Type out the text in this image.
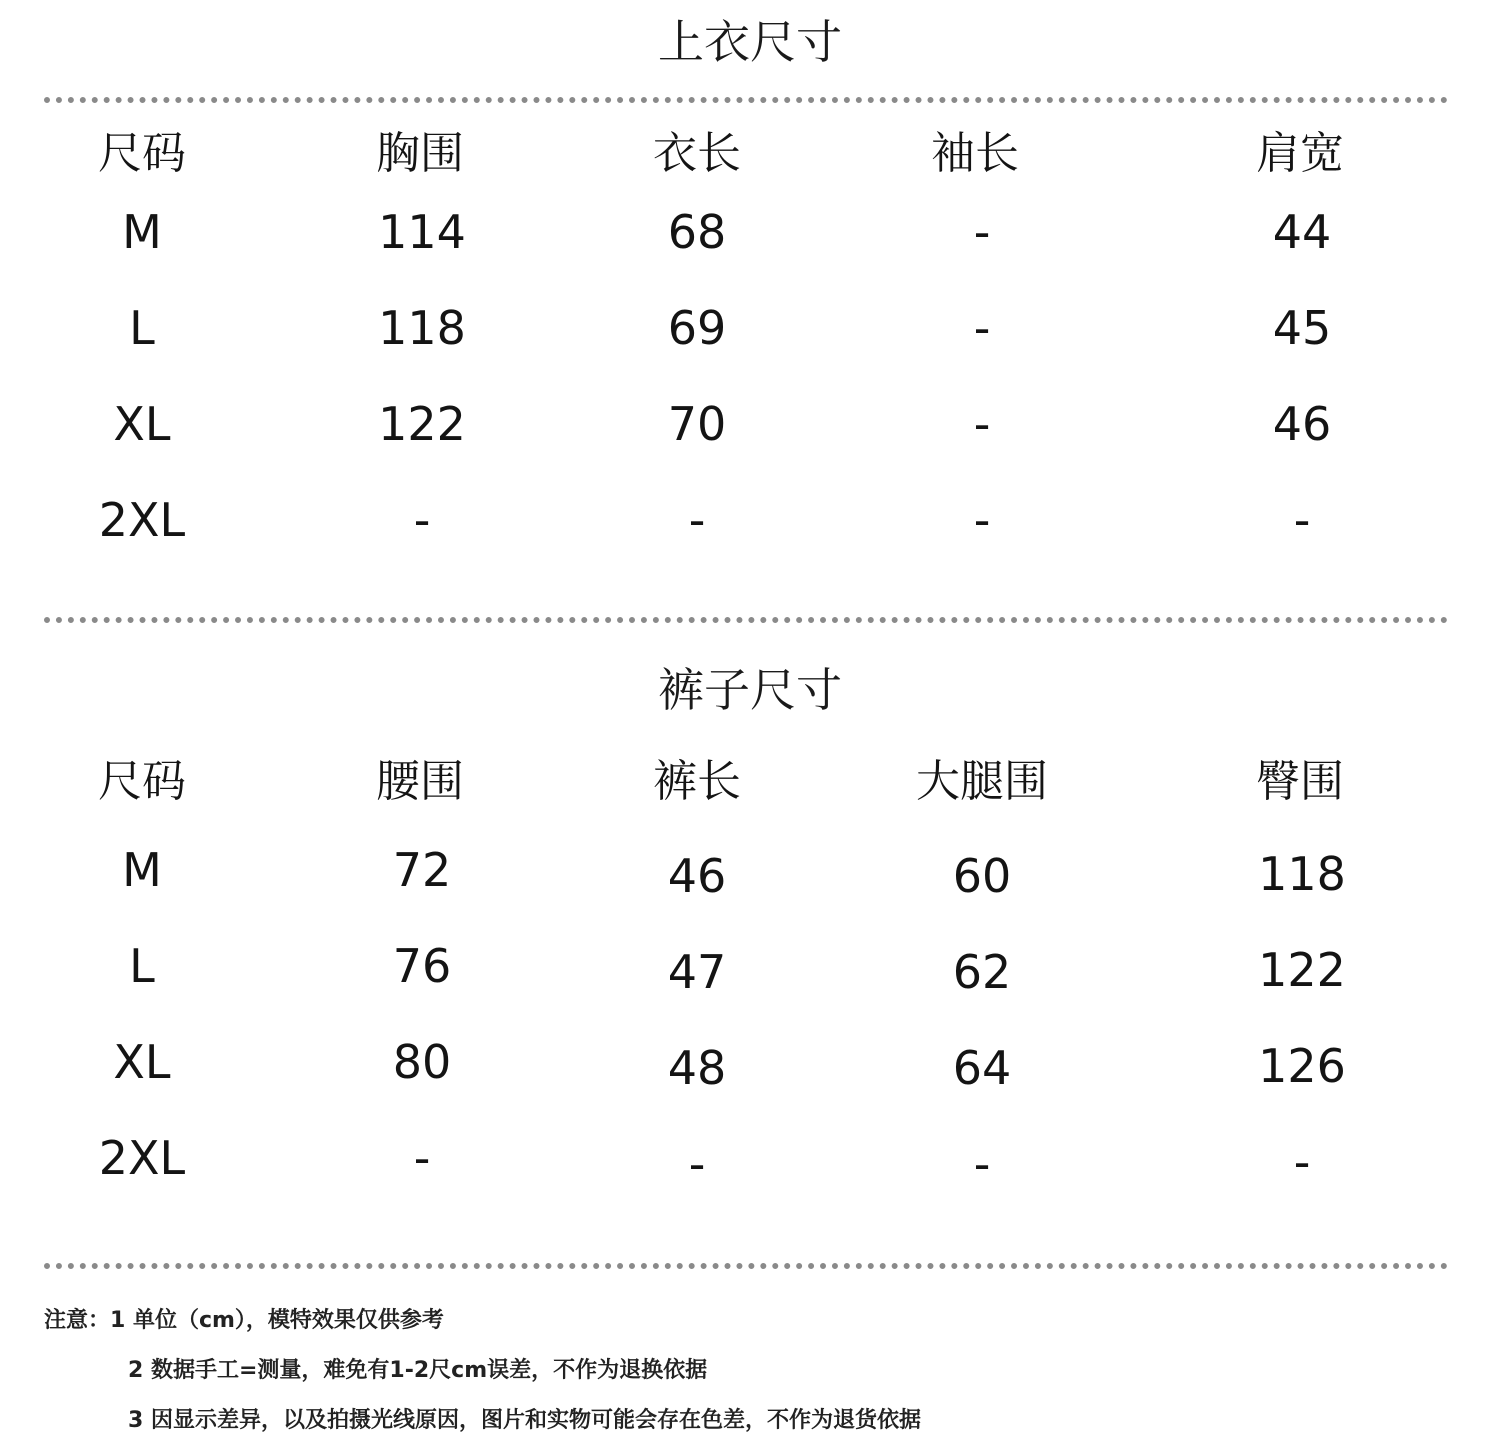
上衣尺寸
尺码	胸围	衣长	袖长	肩宽
M	114	68	-	44
L	118	69	-	45
XL	122	70	-	46
2XL	-	-	-	-
裤子尺寸
尺码	腰围	裤长	大腿围	臀围
M	72	46	60	118
L	76	47	62	122
XL	80	48	64	126
2XL	-	-	-	-
注意：1 单位（cm），模特效果仅供参考
2 数据手工=测量，难免有1-2尺cm误差，不作为退换依据
3 因显示差异，以及拍摄光线原因，图片和实物可能会存在色差，不作为退货依据
